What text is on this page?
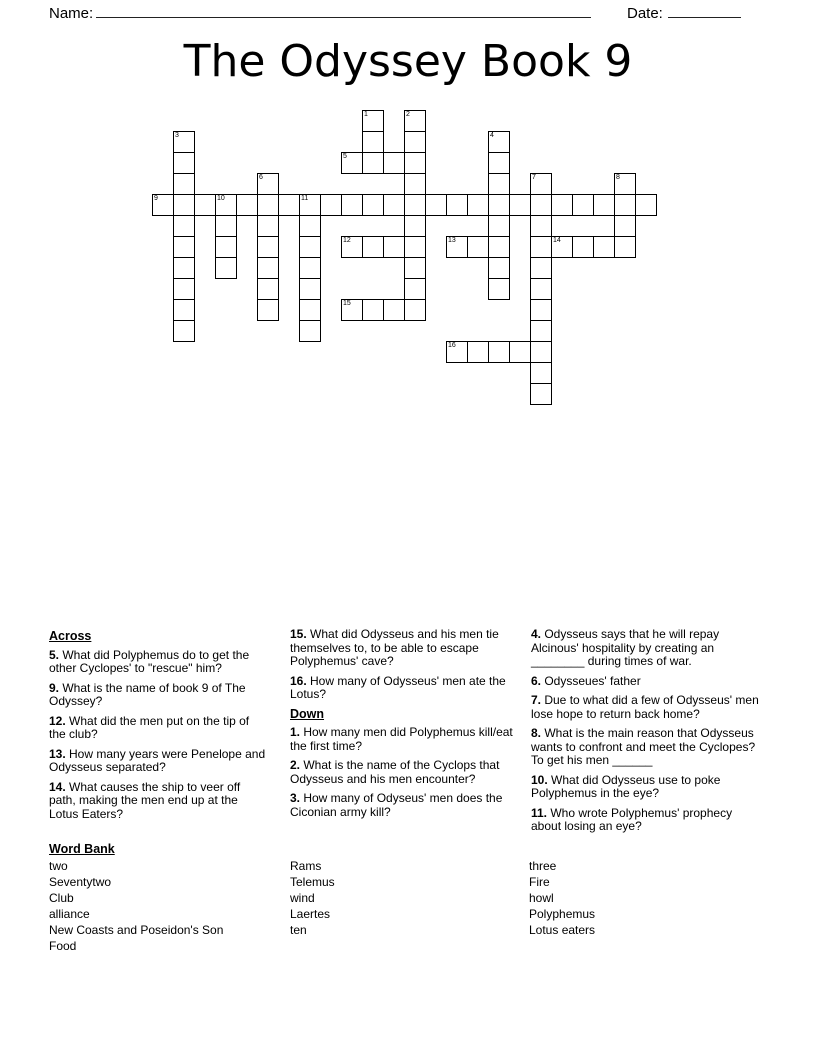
Name:	Date:
The Odyssey Book 9
1	2
3	4
5
6	7	8
9	10	11
12	13	14
15
16
Across
5. What did Polyphemus do to get the other Cyclopes' to "rescue" him?
9. What is the name of book 9 of The Odyssey?
12. What did the men put on the tip of the club?
13. How many years were Penelope and Odysseus separated?
14. What causes the ship to veer off path, making the men end up at the Lotus Eaters?
15. What did Odysseus and his men tie themselves to, to be able to escape Polyphemus' cave?
16. How many of Odysseus' men ate the Lotus?
Down
1. How many men did Polyphemus kill/eat the first time?
2. What is the name of the Cyclops that Odysseus and his men encounter?
3. How many of Odyseus' men does the Ciconian army kill?
4. Odysseus says that he will repay Alcinous' hospitality by creating an ________ during times of war.
6. Odysseues' father
7. Due to what did a few of Odysseus' men lose hope to return back home?
8. What is the main reason that Odysseus wants to confront and meet the Cyclopes? To get his men ______
10. What did Odysseus use to poke Polyphemus in the eye?
11. Who wrote Polyphemus' prophecy about losing an eye?
Word Bank
two
Seventytwo
Club
alliance
New Coasts and Poseidon's Son
Food
Rams
Telemus
wind
Laertes
ten
three
Fire
howl
Polyphemus
Lotus eaters
